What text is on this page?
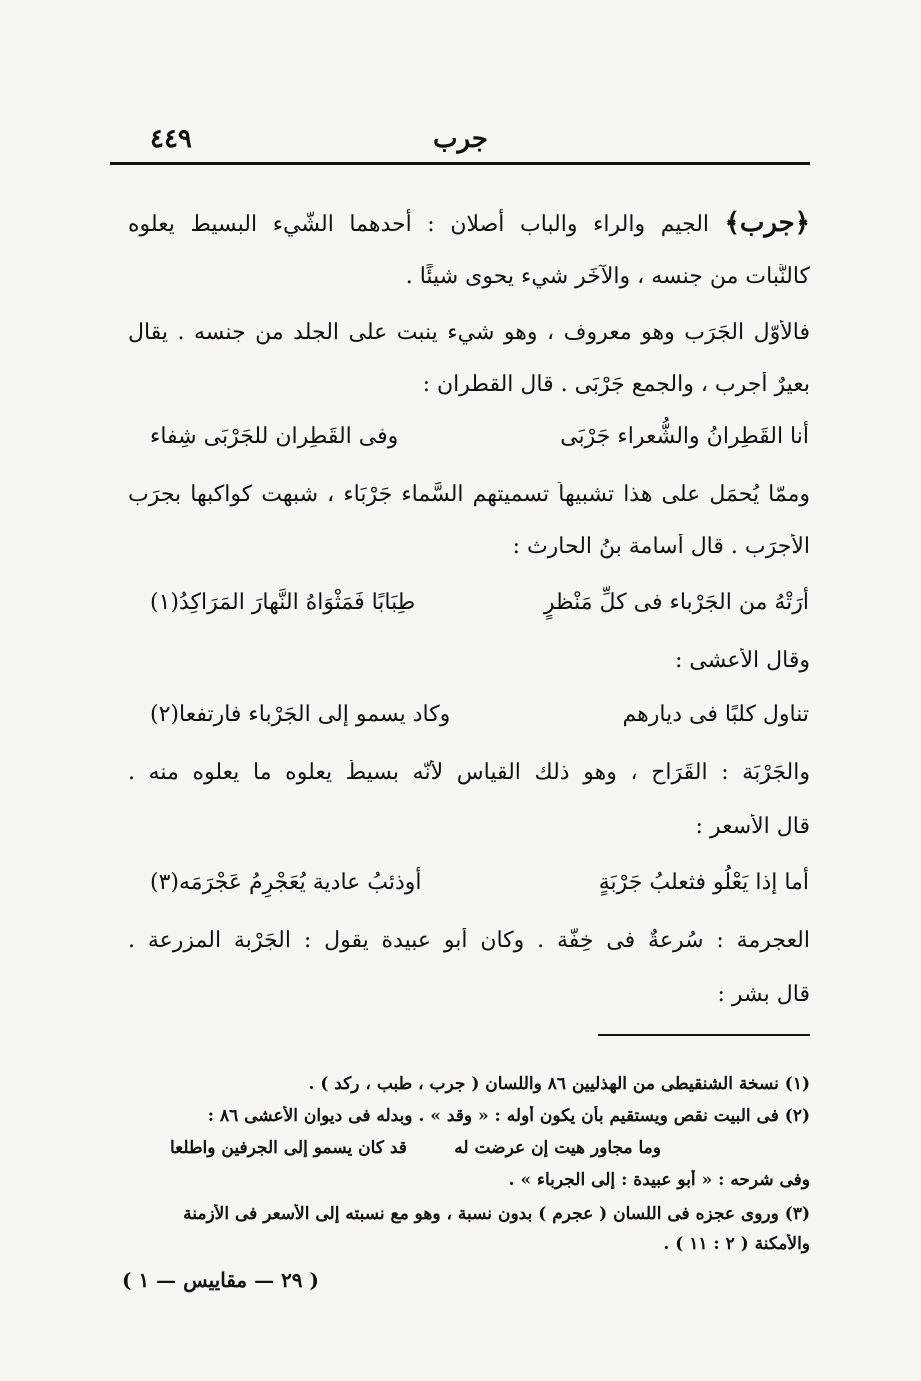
جرب
٤٤٩
﴿جرب﴾ الجيم والراء والباب أصلان : أحدهما الشّيء البسيط يعلوه
كالنَّبات من جنسه ، والآخَر شيء يحوِى شيئًا .
فالأوّل الجَرَب وهو معروف ، وهو شيء ينبت على الجلد من جنسه . يقال
بعيرٌ أجرب ، والجمع جَرْبَى . قال القطران :
أنا القَطِرانُ والشُّعراء جَرْبَى
وفى القَطِران للجَرْبَى شِفاء
وممّا يُحمَل على هذا تشبيهاً تسميتهم السَّماء جَرْبَاء ، شبهت كواكبها بجرَب
الأجرَب . قال أسامة بنُ الحارث :
أرَتْهُ من الجَرْباء فى كلِّ مَنْظرٍ
طِبَابًا فَمَثْوَاهُ النَّهارَ المَرَاكِدُ(١)
وقال الأعشى :
تناول كلبًا فى ديارهم
وكاد يسمو إلى الجَرْباء فارتفعا(٢)
والجَرْبَة : القَرَاح ، وهو ذلك القياس لأنّه بسيطٌ يعلوه ما يعلوه منه .
قال الأسعر :
أما إذا يَعْلُو فثعلبُ جَرْبَةٍ
أوذئبُ عادية يُعَجْرِمُ عَجْرَمَه(٣)
العجرمة : سُرعةٌ فى خِفَّة . وكان أبو عبيدة يقول : الجَرْبة المزرعة .
قال بشر :
(١) نسخة الشنقيطى من الهذليين ٨٦ واللسان ( جرب ، طبب ، ركد ) .
(٢) فى البيت نقص ويستقيم بأن يكون أوله : « وقد » . وبدله فى ديوان الأعشى ٨٦ :
وما مجاور هيت إن عرضت له
قد كان يسمو إلى الجرفين واطلعا
وفى شرحه : « أبو عبيدة : إلى الجرباء » .
(٣) وروى عجزه فى اللسان ( عجرم ) بدون نسبة ، وهو مع نسبته إلى الأسعر فى الأزمنة
والأمكنة ( ٢ : ١١ ) .
( ٢٩ — مقاييس — ١ )
